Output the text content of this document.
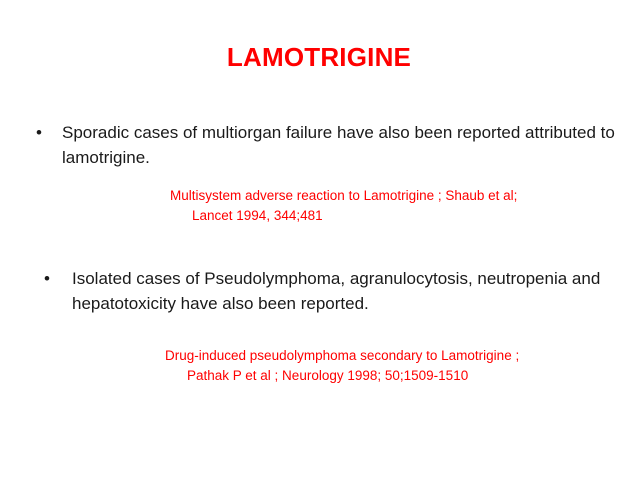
LAMOTRIGINE

•	Sporadic cases of multiorgan failure have also been reported attributed to lamotrigine.

Multisystem adverse reaction to Lamotrigine ; Shaub et al;
Lancet 1994, 344;481

•	Isolated cases of Pseudolymphoma, agranulocytosis, neutropenia and hepatotoxicity have also been reported.

Drug-induced pseudolymphoma secondary to Lamotrigine ;
Pathak P et al ; Neurology 1998; 50;1509-1510
